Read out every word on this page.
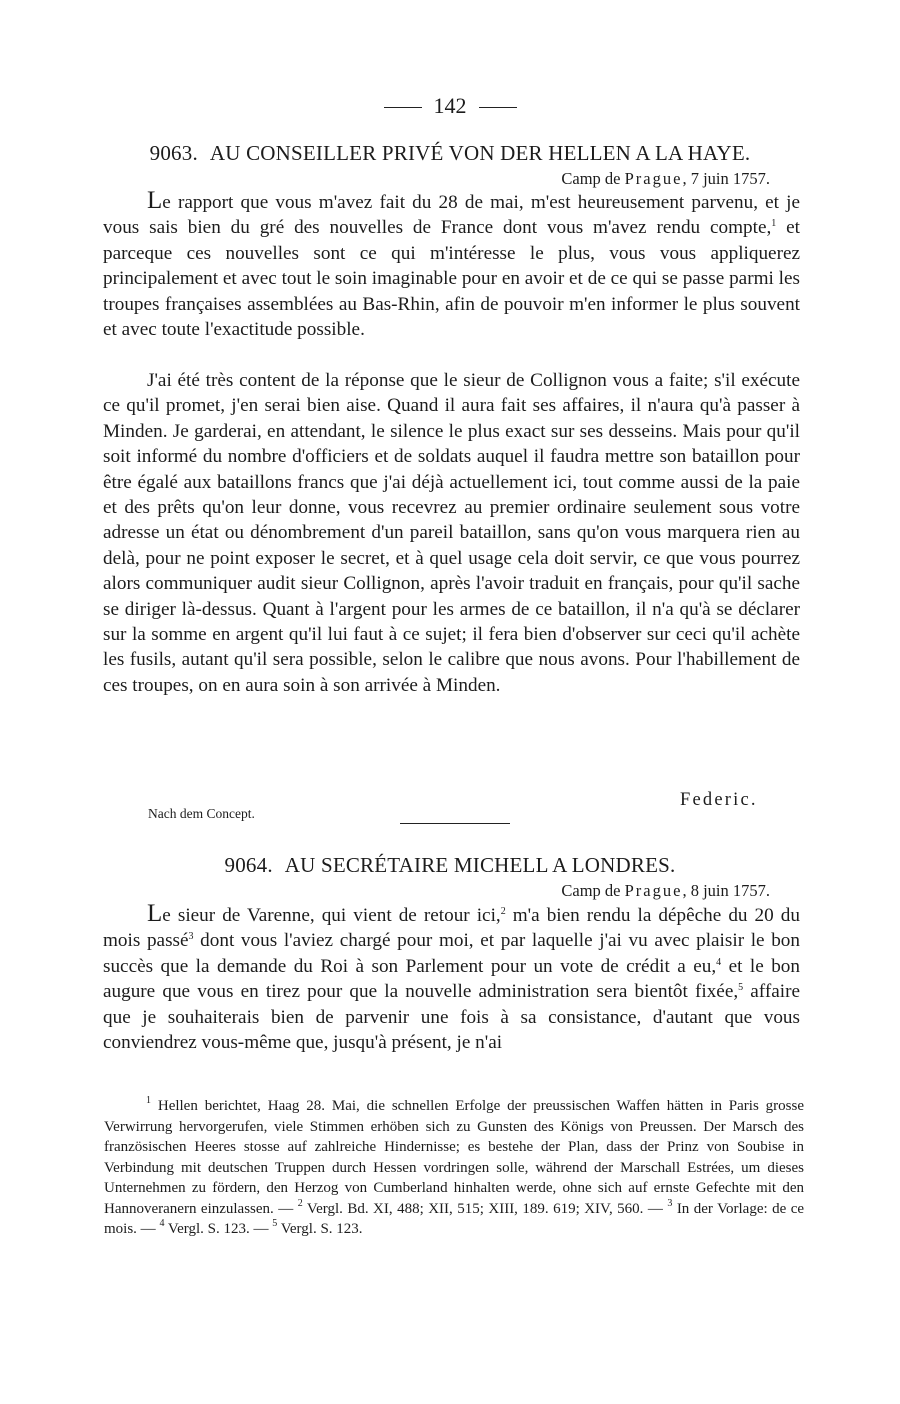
142
9063. AU CONSEILLER PRIVÉ VON DER HELLEN A LA HAYE.
Camp de Prague, 7 juin 1757.
Le rapport que vous m'avez fait du 28 de mai, m'est heureusement parvenu, et je vous sais bien du gré des nouvelles de France dont vous m'avez rendu compte,$^1$ et parceque ces nouvelles sont ce qui m'intéresse le plus, vous vous appliquerez principalement et avec tout le soin imaginable pour en avoir et de ce qui se passe parmi les troupes françaises assemblées au Bas-Rhin, afin de pouvoir m'en informer le plus souvent et avec toute l'exactitude possible.
J'ai été très content de la réponse que le sieur de Collignon vous a faite; s'il exécute ce qu'il promet, j'en serai bien aise. Quand il aura fait ses affaires, il n'aura qu'à passer à Minden. Je garderai, en attendant, le silence le plus exact sur ses desseins. Mais pour qu'il soit informé du nombre d'officiers et de soldats auquel il faudra mettre son bataillon pour être égalé aux bataillons francs que j'ai déjà actuellement ici, tout comme aussi de la paie et des prêts qu'on leur donne, vous recevrez au premier ordinaire seulement sous votre adresse un état ou dénombrement d'un pareil bataillon, sans qu'on vous marquera rien au delà, pour ne point exposer le secret, et à quel usage cela doit servir, ce que vous pourrez alors communiquer audit sieur Collignon, après l'avoir traduit en français, pour qu'il sache se diriger là-dessus. Quant à l'argent pour les armes de ce bataillon, il n'a qu'à se déclarer sur la somme en argent qu'il lui faut à ce sujet; il fera bien d'observer sur ceci qu'il achète les fusils, autant qu'il sera possible, selon le calibre que nous avons. Pour l'habillement de ces troupes, on en aura soin à son arrivée à Minden.
Federic.
Nach dem Concept.
9064. AU SECRÉTAIRE MICHELL A LONDRES.
Camp de Prague, 8 juin 1757.
Le sieur de Varenne, qui vient de retour ici,$^2$ m'a bien rendu la dépêche du 20 du mois passé$^3$ dont vous l'aviez chargé pour moi, et par laquelle j'ai vu avec plaisir le bon succès que la demande du Roi à son Parlement pour un vote de crédit a eu,$^4$ et le bon augure que vous en tirez pour que la nouvelle administration sera bientôt fixée,$^5$ affaire que je souhaiterais bien de parvenir une fois à sa consistance, d'autant que vous conviendrez vous-même que, jusqu'à présent, je n'ai
$^1$ Hellen berichtet, Haag 28. Mai, die schnellen Erfolge der preussischen Waffen hätten in Paris grosse Verwirrung hervorgerufen, viele Stimmen erhöben sich zu Gunsten des Königs von Preussen. Der Marsch des französischen Heeres stosse auf zahlreiche Hindernisse; es bestehe der Plan, dass der Prinz von Soubise in Verbindung mit deutschen Truppen durch Hessen vordringen solle, während der Marschall Estrées, um dieses Unternehmen zu fördern, den Herzog von Cumberland hinhalten werde, ohne sich auf ernste Gefechte mit den Hannoveranern einzulassen. — $^2$ Vergl. Bd. XI, 488; XII, 515; XIII, 189. 619; XIV, 560. — $^3$ In der Vorlage: de ce mois. — $^4$ Vergl. S. 123. — $^5$ Vergl. S. 123.
